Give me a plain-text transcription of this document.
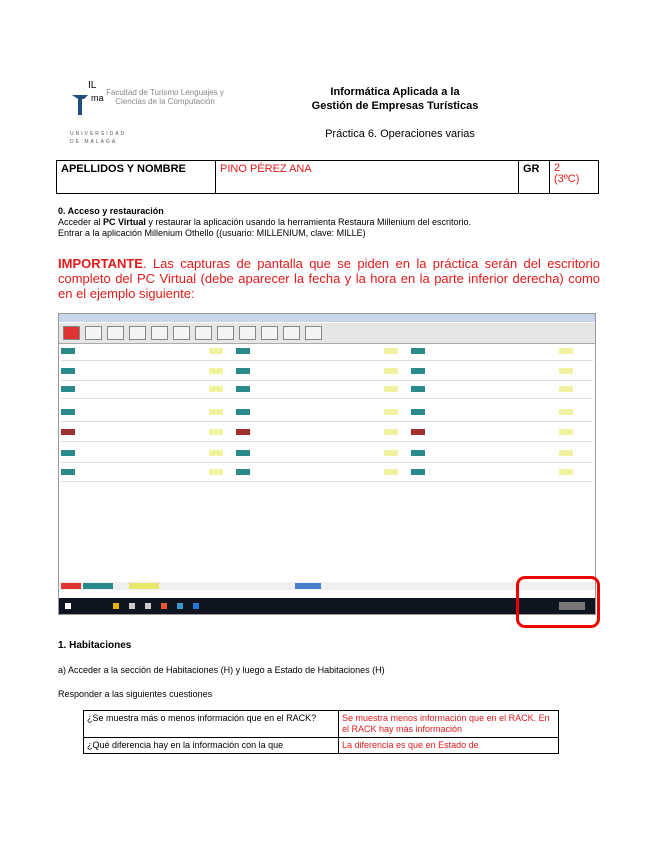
IL
ma
Facultad de Turismo Lenguajes y Ciencias de la Computación
UNIVERSIDAD DE MÁLAGA
Informática Aplicada a la
Gestión de Empresas Turísticas
Práctica 6. Operaciones varias
APELLIDOS Y NOMBRE	PINO PÉREZ ANA	GR	2
(3ºC)
0. Acceso y restauración
Acceder al PC Virtual y restaurar la aplicación usando la herramienta Restaura Millenium del escritorio.
Entrar a la aplicación Millenium Othello ((usuario: MILLENIUM, clave: MILLE)
IMPORTANTE. Las capturas de pantalla que se piden en la práctica serán del escritorio completo del PC Virtual (debe aparecer la fecha y la hora en la parte inferior derecha) como en el ejemplo siguiente:
1. Habitaciones
a) Acceder a la sección de Habitaciones (H) y luego a Estado de Habitaciones (H)
Responder a las siguientes cuestiones
¿Se muestra más o menos información que en el RACK?	Se muestra menos información que en el RACK. En el RACK hay más información
¿Qué diferencia hay en la información con la que	La diferencia es que en Estado de
